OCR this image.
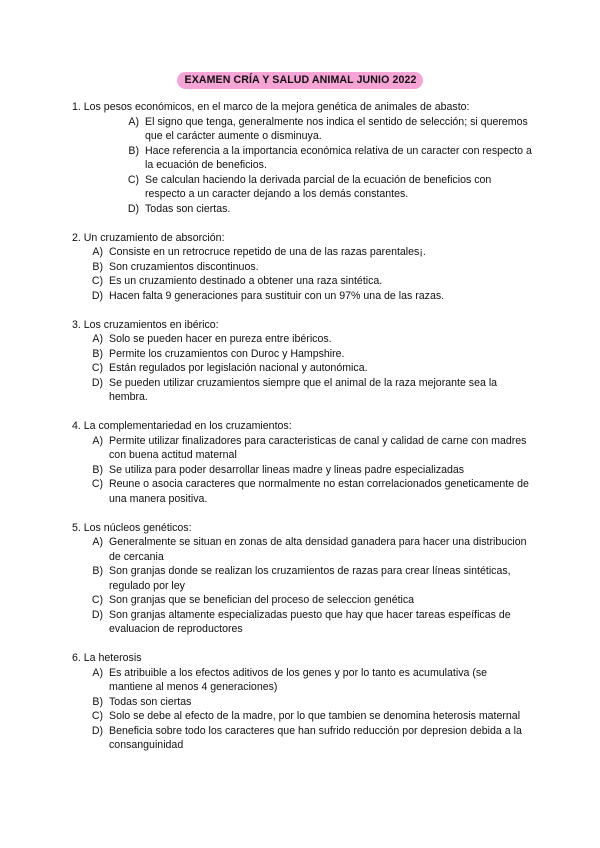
EXAMEN CRÍA Y SALUD ANIMAL JUNIO 2022

1. Los pesos económicos, en el marco de la mejora genética de animales de abasto:

A) El signo que tenga, generalmente nos indica el sentido de selección; si queremos que el carácter aumente o disminuya.
B) Hace referencia a la importancia económica relativa de un caracter con respecto a la ecuación de beneficios.
C) Se calculan haciendo la derivada parcial de la ecuación de beneficios con respecto a un caracter dejando a los demás constantes.
D) Todas son ciertas.

2. Un cruzamiento de absorción:

A) Consiste en un retrocruce repetido de una de las razas parentales¡.
B) Son cruzamientos discontinuos.
C) Es un cruzamiento destinado a obtener una raza sintética.
D) Hacen falta 9 generaciones para sustituir con un 97% una de las razas.

3. Los cruzamientos en ibérico:

A) Solo se pueden hacer en pureza entre ibéricos.
B) Permite los cruzamientos con Duroc y Hampshire.
C) Están regulados por legislación nacional y autonómica.
D) Se pueden utilizar cruzamientos siempre que el animal de la raza mejorante sea la hembra.

4. La complementariedad en los cruzamientos:

A) Permite utilizar finalizadores para caracteristicas de canal y calidad de carne con madres con buena actitud maternal
B) Se utiliza para poder desarrollar lineas madre y lineas padre especializadas
C) Reune o asocia caracteres que normalmente no estan correlacionados geneticamente de una manera positiva.

5. Los núcleos genéticos:

A) Generalmente se situan en zonas de alta densidad ganadera para hacer una distribucion de cercania
B) Son granjas donde se realizan los cruzamientos de razas para crear líneas sintéticas, regulado por ley
C) Son granjas que se benefician del proceso de seleccion genética
D) Son granjas altamente especializadas puesto que hay que hacer tareas espeíficas de evaluacion de reproductores

6. La heterosis

A) Es atribuible a los efectos aditivos de los genes y por lo tanto es acumulativa (se mantiene al menos 4 generaciones)
B) Todas son ciertas
C) Solo se debe al efecto de la madre, por lo que tambien se denomina heterosis maternal
D) Beneficia sobre todo los caracteres que han sufrido reducción por depresion debida a la consanguinidad
